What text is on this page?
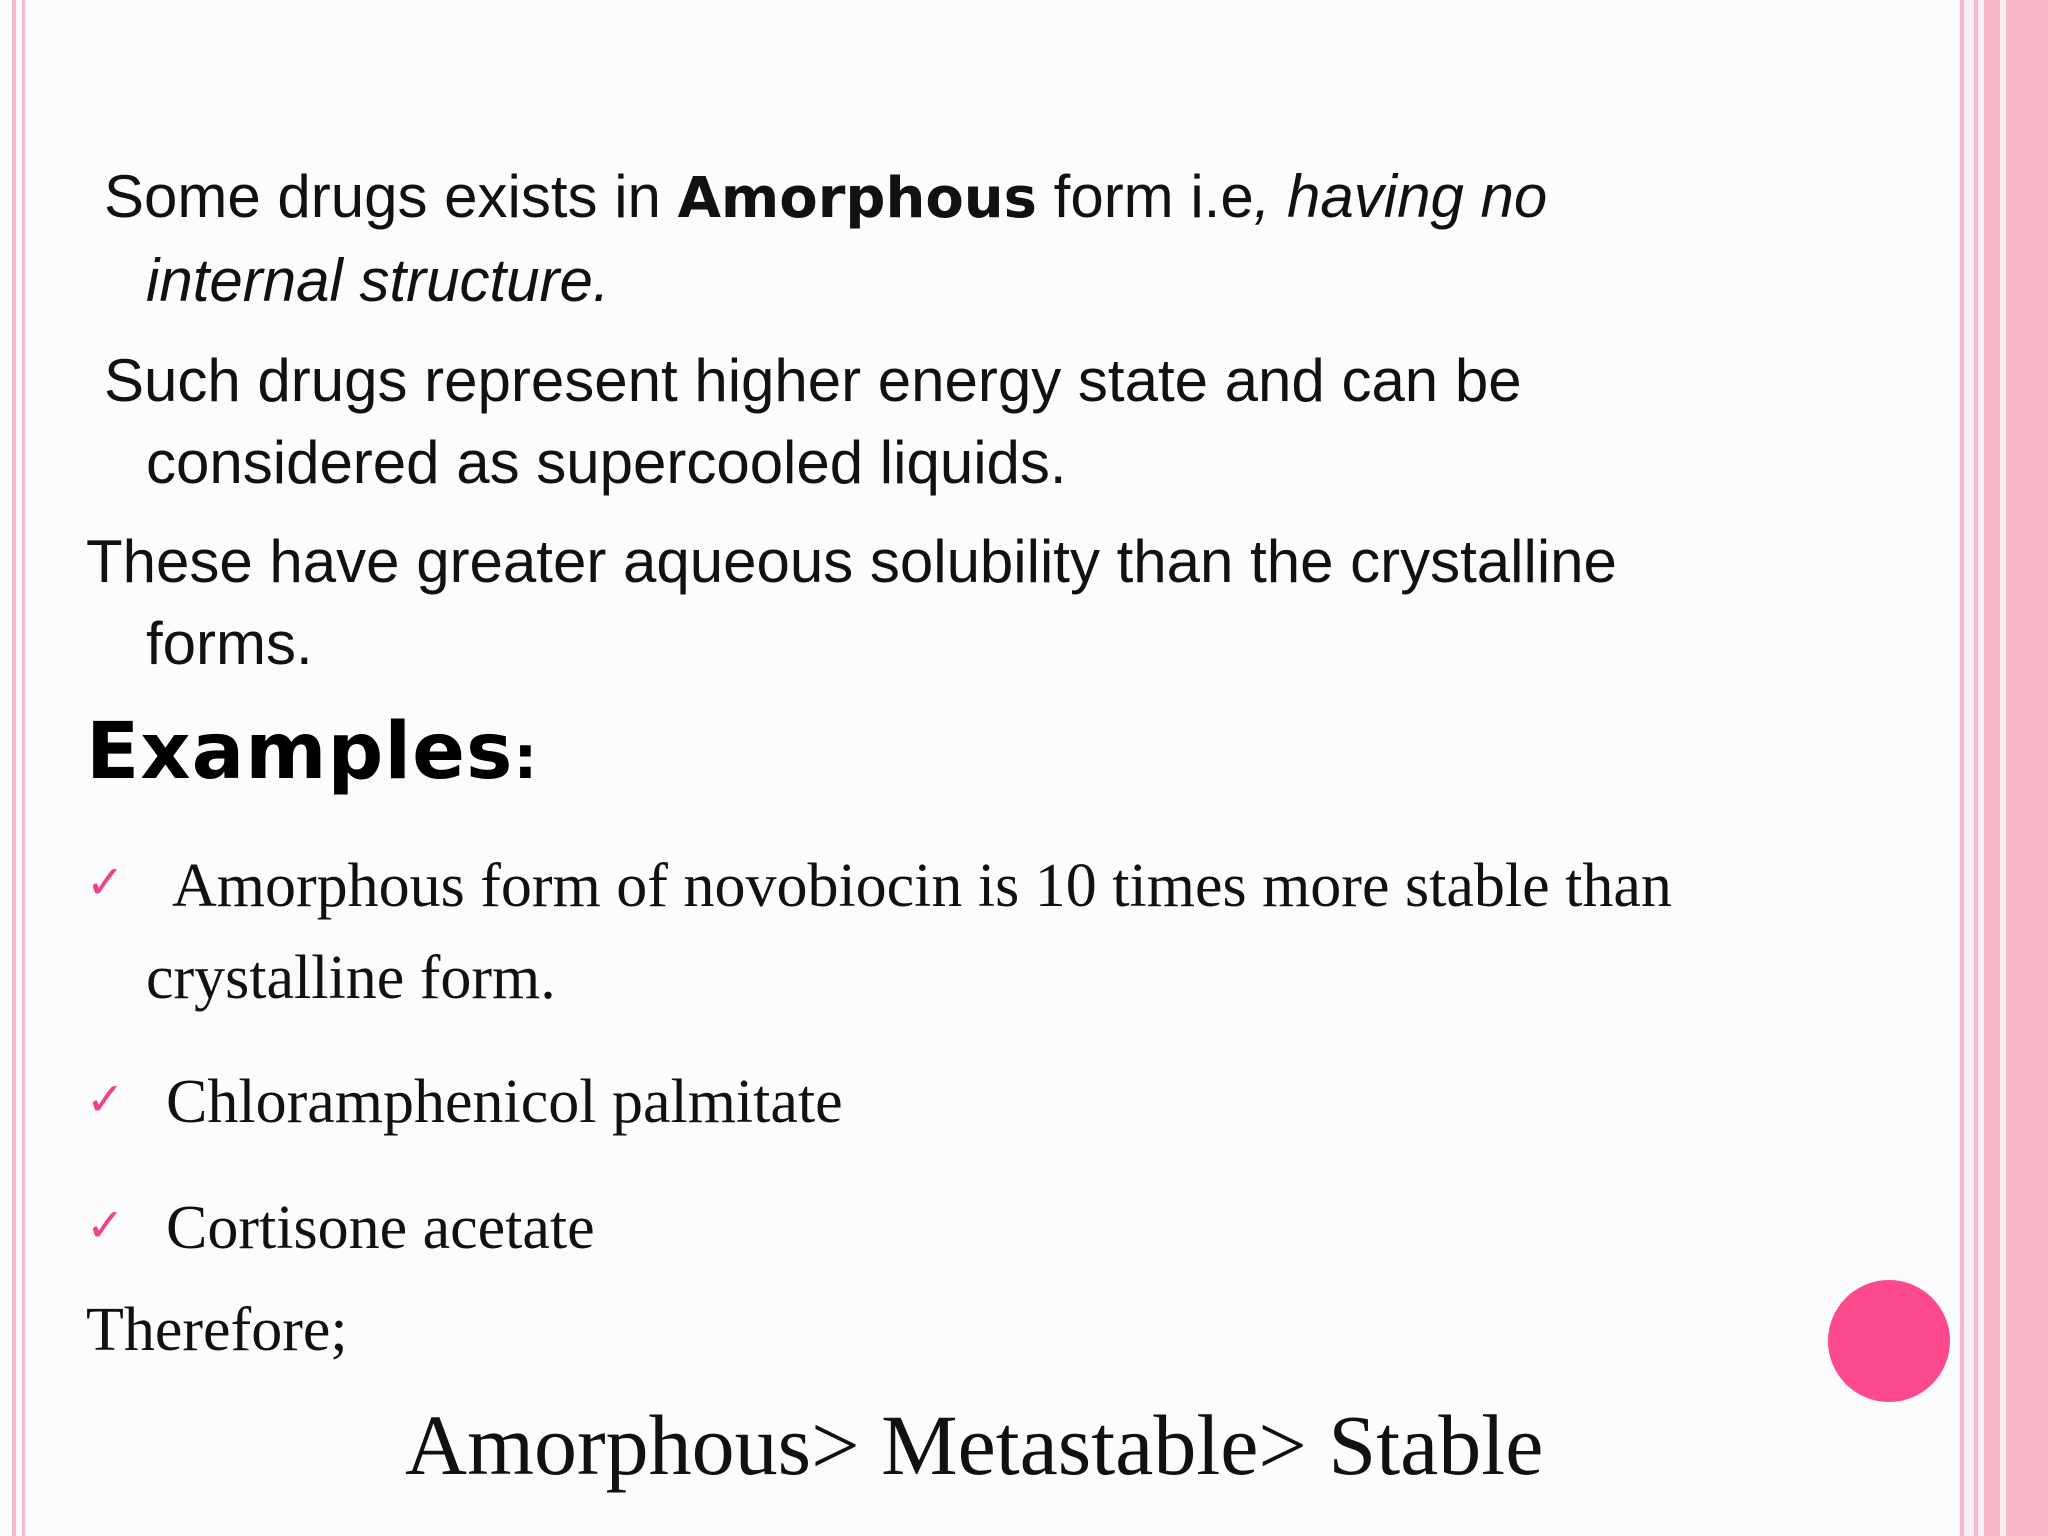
Some drugs exists in Amorphous form i.e, having no
internal structure.
Such drugs represent higher energy state and can be
considered as supercooled liquids.
These have greater aqueous solubility than the crystalline
forms.
Examples:
✓ Amorphous form of novobiocin is 10 times more stable than
crystalline form.
✓ Chloramphenicol palmitate
✓ Cortisone acetate
Therefore;
Amorphous> Metastable> Stable
